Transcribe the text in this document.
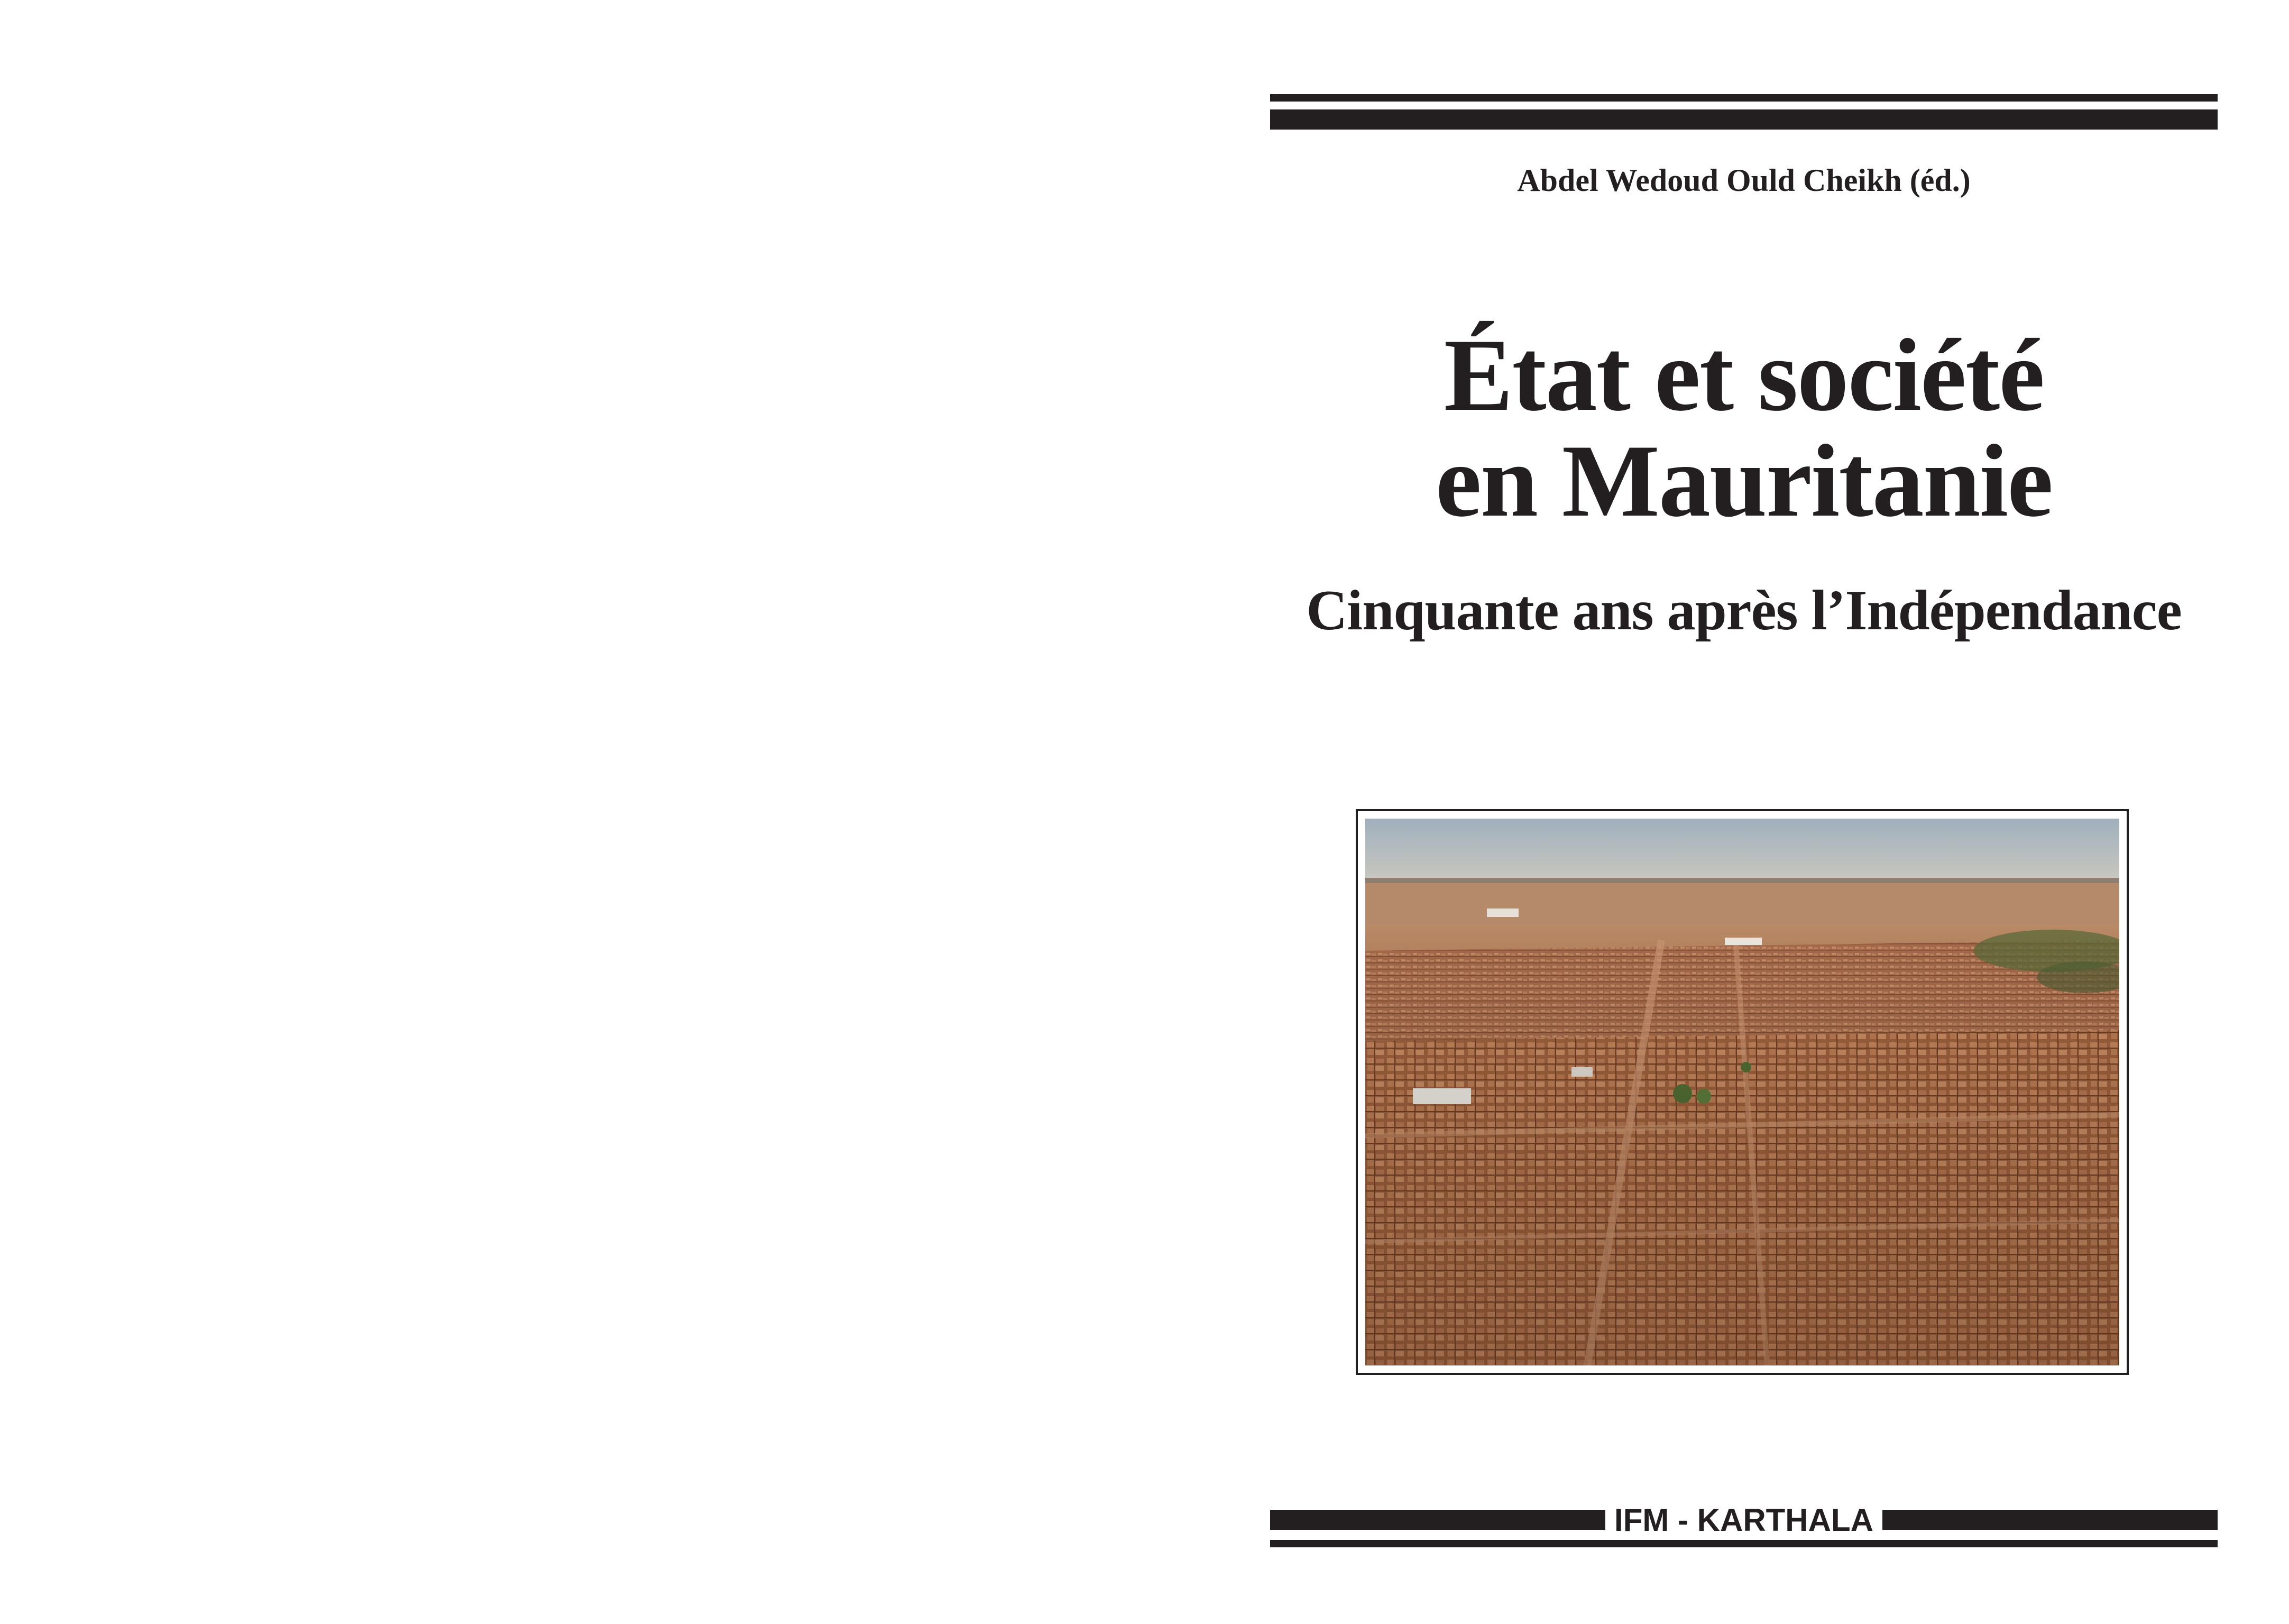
Abdel Wedoud Ould Cheikh (éd.)
État et société
en Mauritanie
Cinquante ans après l’Indépendance
IFM - KARTHALA
